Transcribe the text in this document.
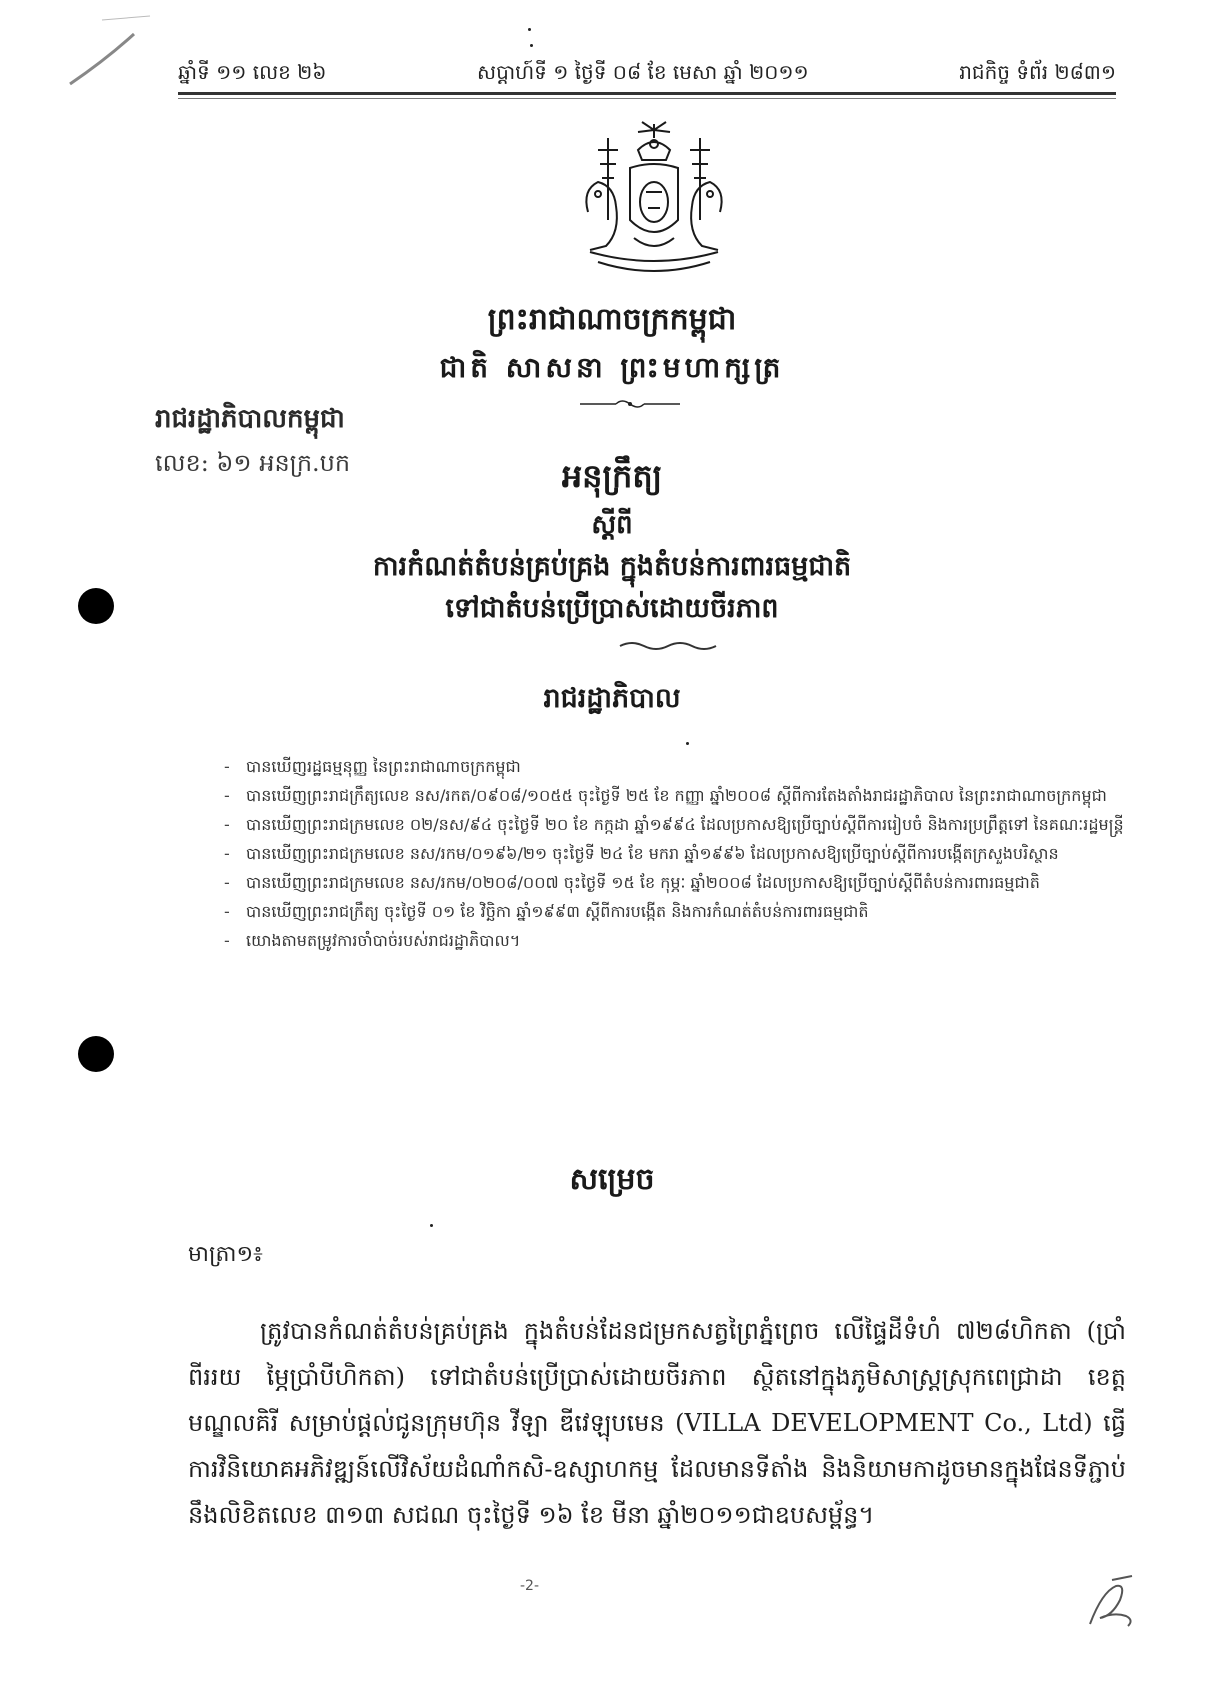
ឆ្នាំទី ១១ លេខ ២៦	សប្តាហ៍ទី ១ ថ្ងៃទី ០៨ ខែ មេសា ឆ្នាំ ២០១១	រាជកិច្ច ទំព័រ ២៨៣១
ព្រះរាជាណាចក្រកម្ពុជា
ជាតិ សាសនា ព្រះមហាក្សត្រ
រាជរដ្ឋាភិបាលកម្ពុជា
លេខ: ៦១ អនក្រ.បក	អនុក្រឹត្យ
ស្តីពី
ការកំណត់តំបន់គ្រប់គ្រង ក្នុងតំបន់ការពារធម្មជាតិ
ទៅជាតំបន់ប្រើប្រាស់ដោយចីរភាព
រាជរដ្ឋាភិបាល
- បានឃើញរដ្ឋធម្មនុញ្ញ នៃព្រះរាជាណាចក្រកម្ពុជា
- បានឃើញព្រះរាជក្រឹត្យលេខ នស/រកត/០៩០៨/១០៥៥ ចុះថ្ងៃទី ២៥ ខែ កញ្ញា ឆ្នាំ២០០៨ ស្តីពីការតែងតាំងរាជរដ្ឋាភិបាល នៃព្រះរាជាណាចក្រកម្ពុជា
- បានឃើញព្រះរាជក្រមលេខ ០២/នស/៩៤ ចុះថ្ងៃទី ២០ ខែ កក្កដា ឆ្នាំ១៩៩៤ ដែលប្រកាសឱ្យប្រើច្បាប់ស្តីពីការរៀបចំ និងការប្រព្រឹត្តទៅ នៃគណៈរដ្ឋមន្ត្រី
- បានឃើញព្រះរាជក្រមលេខ នស/រកម/០១៩៦/២១ ចុះថ្ងៃទី ២៤ ខែ មករា ឆ្នាំ១៩៩៦ ដែលប្រកាសឱ្យប្រើច្បាប់ស្តីពីការបង្កើតក្រសួងបរិស្ថាន
- បានឃើញព្រះរាជក្រមលេខ នស/រកម/០២០៨/០០៧ ចុះថ្ងៃទី ១៥ ខែ កុម្ភៈ ឆ្នាំ២០០៨ ដែលប្រកាសឱ្យប្រើច្បាប់ស្តីពីតំបន់ការពារធម្មជាតិ
- បានឃើញព្រះរាជក្រឹត្យ ចុះថ្ងៃទី ០១ ខែ វិច្ឆិកា ឆ្នាំ១៩៩៣ ស្តីពីការបង្កើត និងការកំណត់តំបន់ការពារធម្មជាតិ
- យោងតាមតម្រូវការចាំបាច់របស់រាជរដ្ឋាភិបាល។
សម្រេច
មាត្រា១៖

ត្រូវបានកំណត់តំបន់គ្រប់គ្រង ក្នុងតំបន់ដែនជម្រកសត្វព្រៃភ្នំព្រេច លើផ្ទៃដីទំហំ ៧២៨ហិកតា (ប្រាំពីររយ ម្ភៃប្រាំបីហិកតា) ទៅជាតំបន់ប្រើប្រាស់ដោយចីរភាព ស្ថិតនៅក្នុងភូមិសាស្ត្រស្រុកពេជ្រាដា ខេត្តមណ្ឌលគិរី សម្រាប់ផ្តល់ជូនក្រុមហ៊ុន វីឡា ឌីវេឡុបមេន (VILLA DEVELOPMENT Co., Ltd) ធ្វើការវិនិយោគអភិវឌ្ឍន៍លើវិស័យដំណាំកសិ-ឧស្សាហកម្ម ដែលមានទីតាំង និងនិយាមកាដូចមានក្នុងផែនទីភ្ជាប់នឹងលិខិតលេខ ៣១៣ សជណ ចុះថ្ងៃទី ១៦ ខែ មីនា ឆ្នាំ២០១១ជាឧបសម្ព័ន្ធ។

-2-
